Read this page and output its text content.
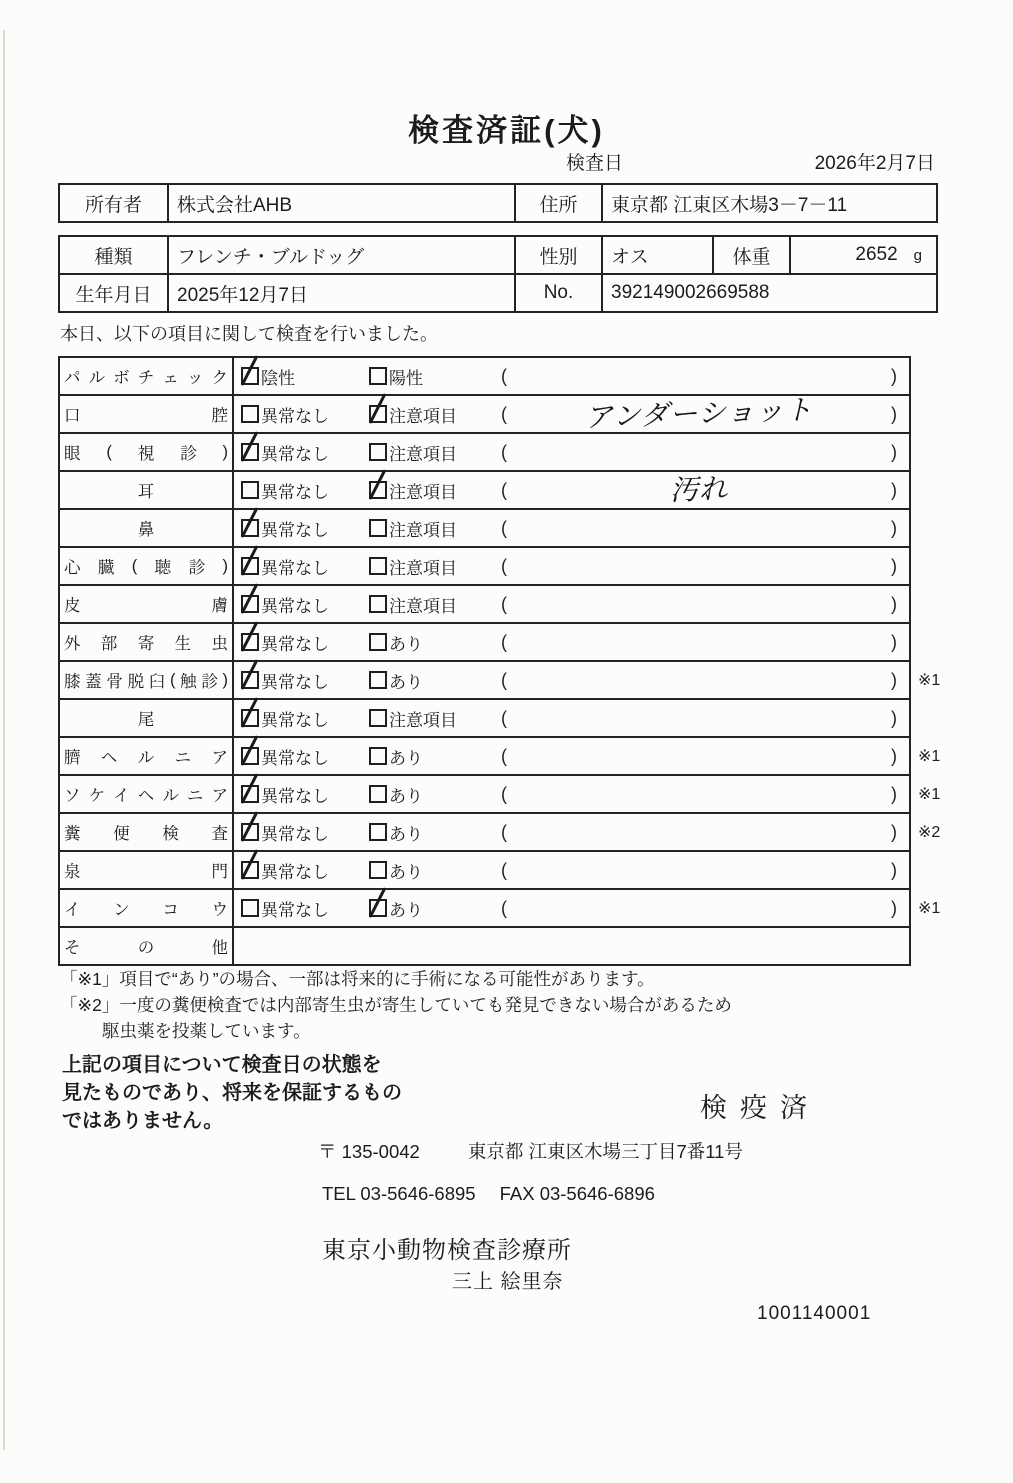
検査済証(犬)
検査日	2026年2月7日
所有者	株式会社AHB	住所	東京都 江東区木場3－7－11
種類	フレンチ・ブルドッグ	性別	オス	体重	2652 g
生年月日	2025年12月7日	No.	392149002669588		

本日、以下の項目に関して検査を行いました。

パ ル ボ チ ェ ッ ク 陰性	陽性	(	)
口	腔 異常なし	注意項目 (	アンダーショット	)
眼 ( 視 診 ) 異常なし	注意項目 (	)
耳	異常なし	注意項目 (	汚れ	)
鼻	異常なし	注意項目 (	)
心 臓 ( 聴 診 ) 異常なし	注意項目 (	)
皮	膚 異常なし	注意項目 (	)
外 部 寄 生 虫 異常なし	あり	(	)
膝 蓋 骨 脱 臼 ( 触 診 ) 異常なし	あり	(	)	※1
尾	異常なし	注意項目 (	)
臍 ヘ ル ニ ア 異常なし	あり	(	)	※1
ソ ケ イ ヘ ル ニ ア 異常なし	あり	(	)	※1
糞 便 検 査 異常なし	あり	(	)	※2
泉	門 異常なし	あり	(	)
イ ン コ ウ 異常なし	あり	(	)	※1
そ	の	他
「※1」項目で“あり”の場合、一部は将来的に手術になる可能性があります。
「※2」一度の糞便検査では内部寄生虫が寄生していても発見できない場合があるため
駆虫薬を投薬しています。
上記の項目について検査日の状態を
見たものであり、将来を保証するもの
ではありません。	検疫済
〒 135-0042	東京都 江東区木場三丁目7番11号
TEL 03-5646-6895 FAX 03-5646-6896
東京小動物検査診療所
三上 絵里奈
1001140001
